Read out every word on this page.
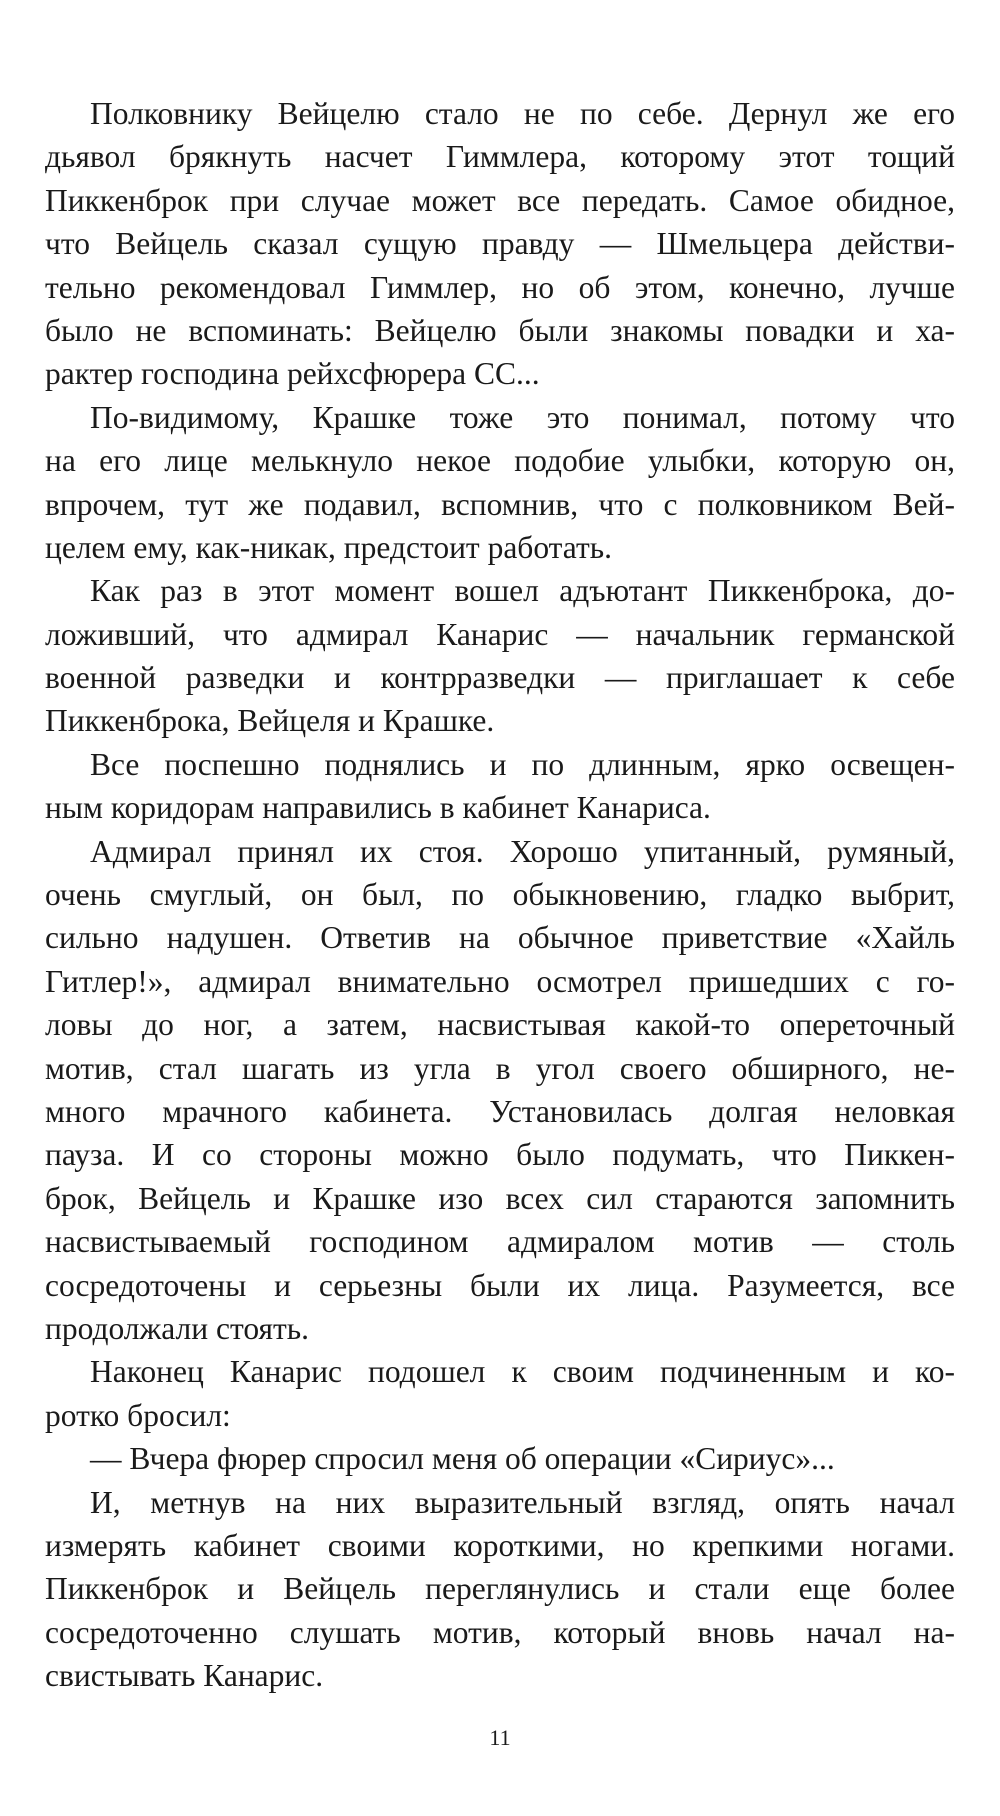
Полковнику Вейцелю стало не по себе. Дернул же его
дьявол брякнуть насчет Гиммлера, которому этот тощий
Пиккенброк при случае может все передать. Самое обидное,
что Вейцель сказал сущую правду — Шмельцера действи-
тельно рекомендовал Гиммлер, но об этом, конечно, лучше
было не вспоминать: Вейцелю были знакомы повадки и ха-
рактер господина рейхсфюрера СС...
По-видимому, Крашке тоже это понимал, потому что
на его лице мелькнуло некое подобие улыбки, которую он,
впрочем, тут же подавил, вспомнив, что с полковником Вей-
целем ему, как-никак, предстоит работать.
Как раз в этот момент вошел адъютант Пиккенброка, до-
ложивший, что адмирал Канарис — начальник германской
военной разведки и контрразведки — приглашает к себе
Пиккенброка, Вейцеля и Крашке.
Все поспешно поднялись и по длинным, ярко освещен-
ным коридорам направились в кабинет Канариса.
Адмирал принял их стоя. Хорошо упитанный, румяный,
очень смуглый, он был, по обыкновению, гладко выбрит,
сильно надушен. Ответив на обычное приветствие «Хайль
Гитлер!», адмирал внимательно осмотрел пришедших с го-
ловы до ног, а затем, насвистывая какой-то опереточный
мотив, стал шагать из угла в угол своего обширного, не-
много мрачного кабинета. Установилась долгая неловкая
пауза. И со стороны можно было подумать, что Пиккен-
брок, Вейцель и Крашке изо всех сил стараются запомнить
насвистываемый господином адмиралом мотив — столь
сосредоточены и серьезны были их лица. Разумеется, все
продолжали стоять.
Наконец Канарис подошел к своим подчиненным и ко-
ротко бросил:
— Вчера фюрер спросил меня об операции «Сириус»...
И, метнув на них выразительный взгляд, опять начал
измерять кабинет своими короткими, но крепкими ногами.
Пиккенброк и Вейцель переглянулись и стали еще более
сосредоточенно слушать мотив, который вновь начал на-
свистывать Канарис.
11
